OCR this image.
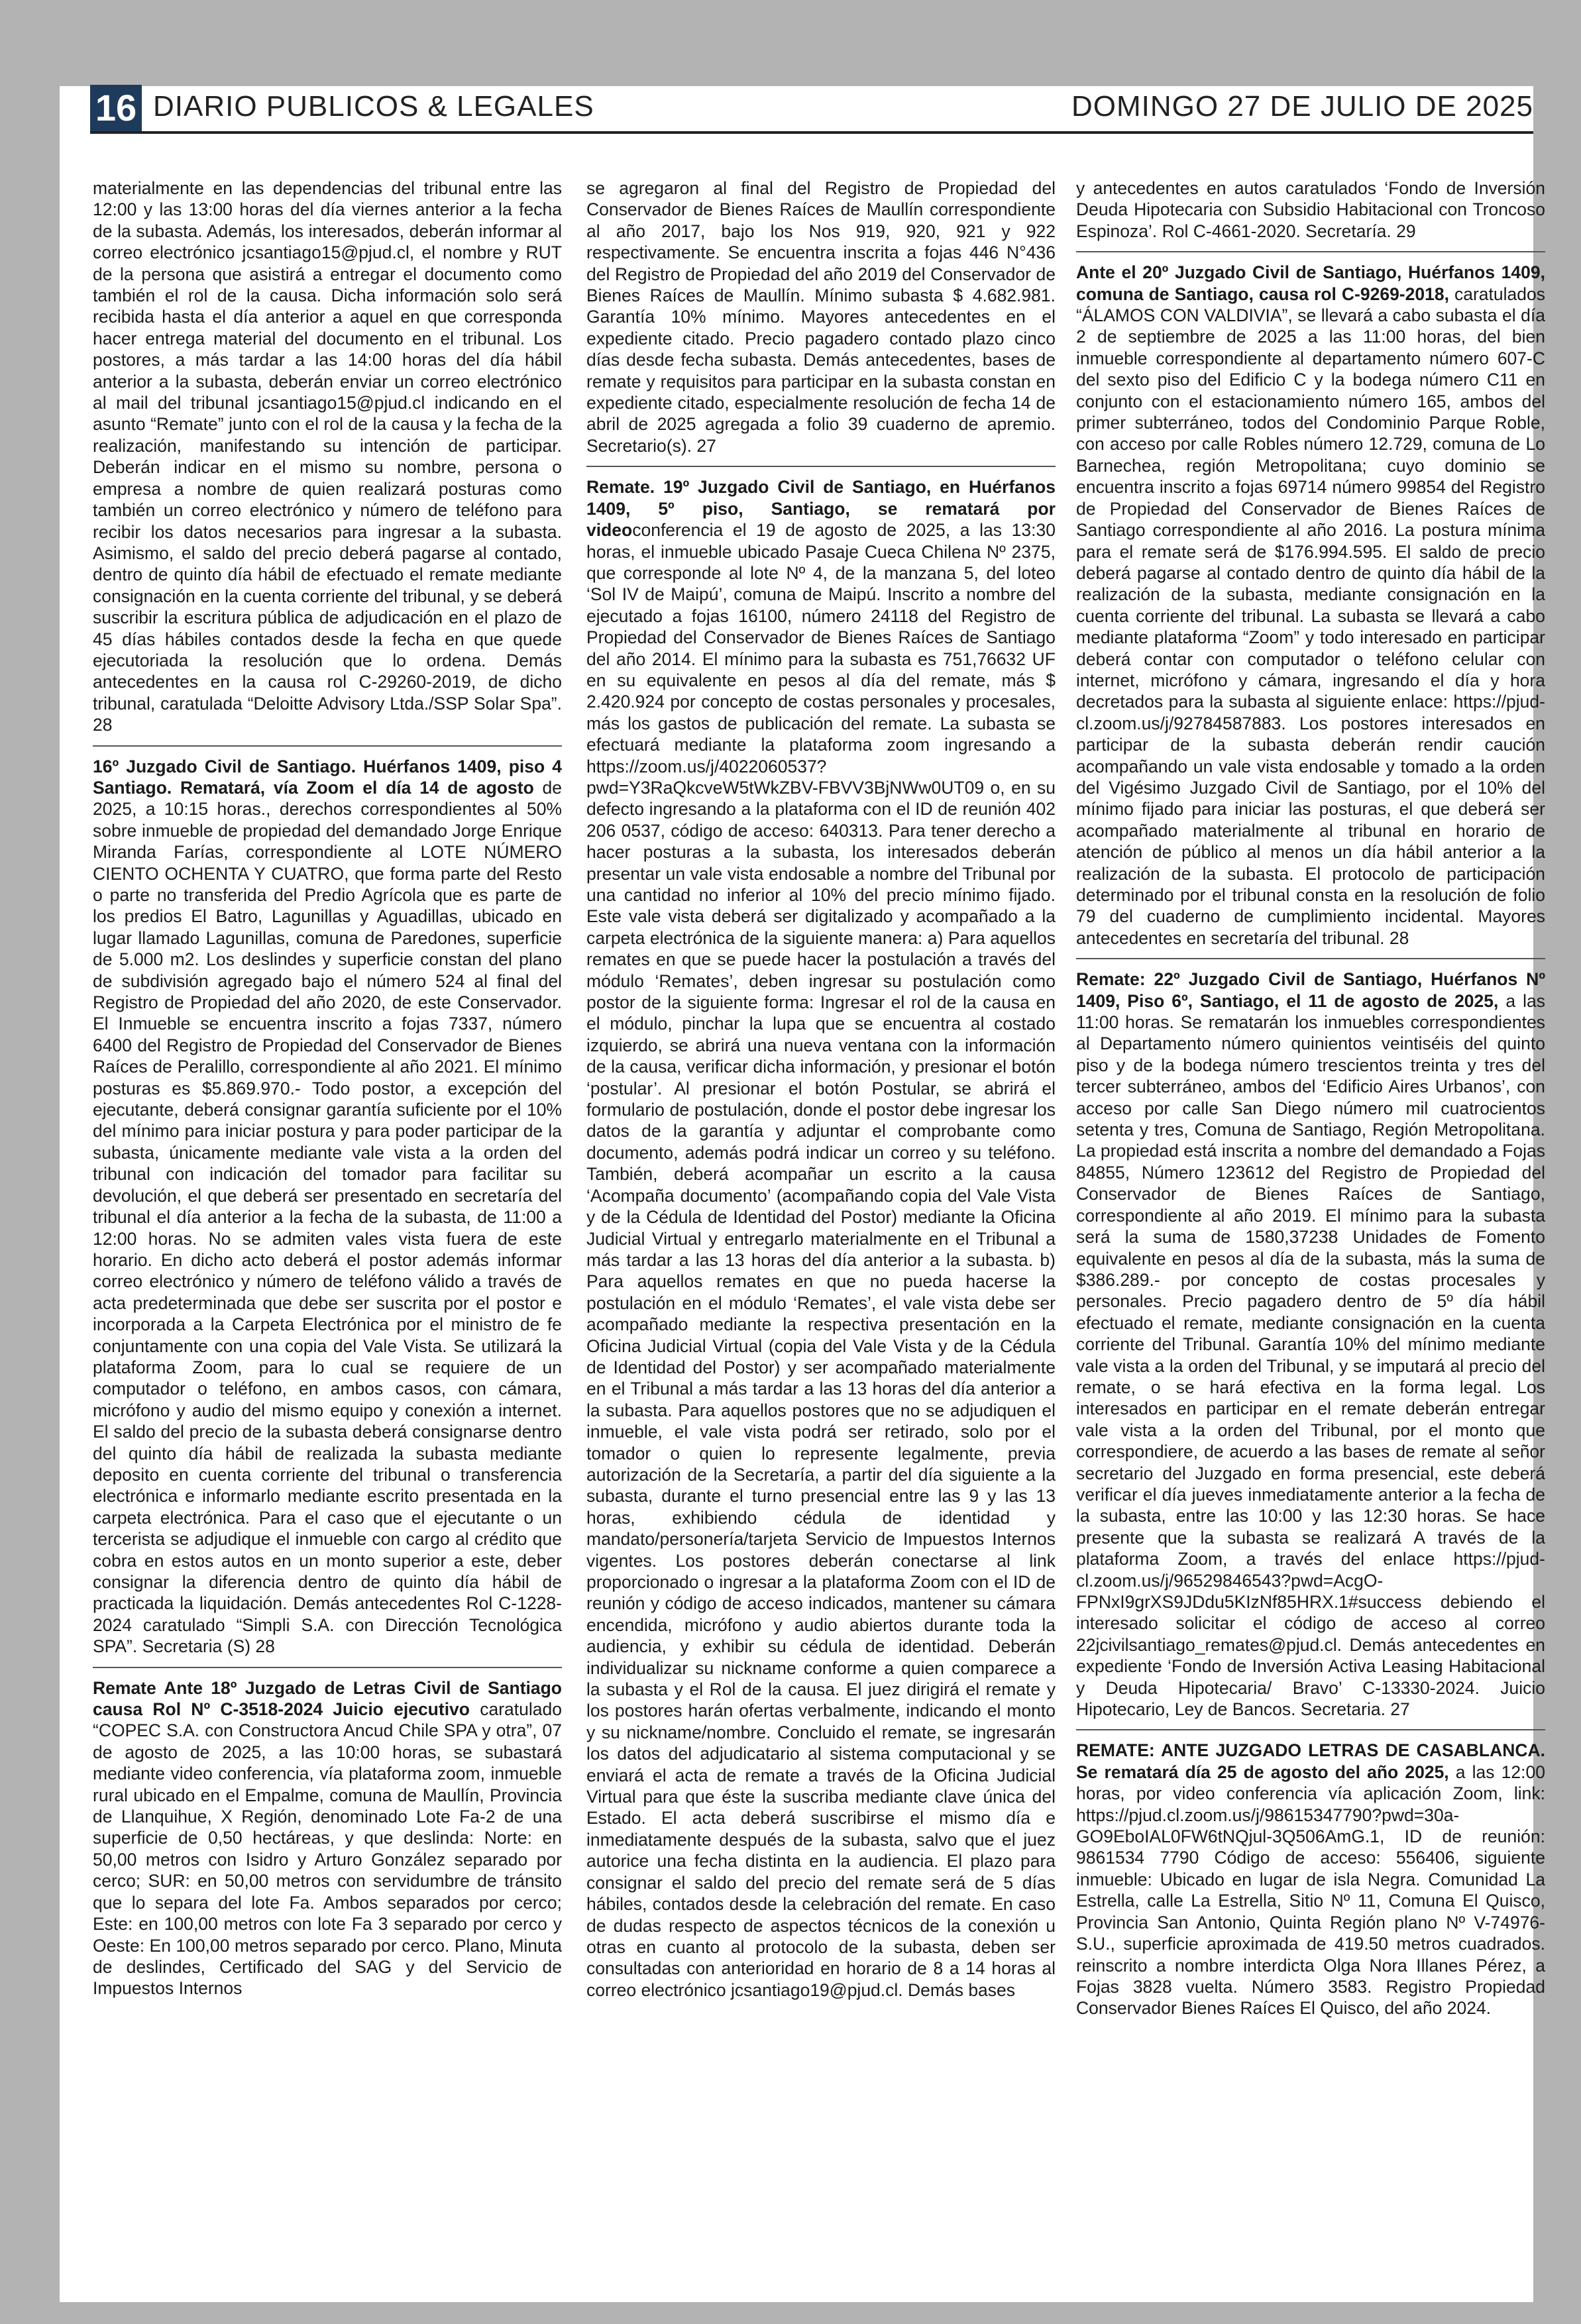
16 DIARIO PUBLICOS & LEGALES	DOMINGO 27 DE JULIO DE 2025

materialmente en las dependencias del tribunal entre las 12:00 y las 13:00 horas del día viernes anterior a la fecha de la subasta. Además, los interesados, deberán informar al correo electrónico jcsantiago15@pjud.cl, el nombre y RUT de la persona que asistirá a entregar el documento como también el rol de la causa. Dicha información solo será recibida hasta el día anterior a aquel en que corresponda hacer entrega material del documento en el tribunal. Los postores, a más tardar a las 14:00 horas del día hábil anterior a la subasta, deberán enviar un correo electrónico al mail del tribunal jcsantiago15@pjud.cl indicando en el asunto “Remate” junto con el rol de la causa y la fecha de la realización, manifestando su intención de participar. Deberán indicar en el mismo su nombre, persona o empresa a nombre de quien realizará posturas como también un correo electrónico y número de teléfono para recibir los datos necesarios para ingresar a la subasta. Asimismo, el saldo del precio deberá pagarse al contado, dentro de quinto día hábil de efectuado el remate mediante consignación en la cuenta corriente del tribunal, y se deberá suscribir la escritura pública de adjudicación en el plazo de 45 días hábiles contados desde la fecha en que quede ejecutoriada la resolución que lo ordena. Demás antecedentes en la causa rol C-29260-2019, de dicho tribunal, caratulada “Deloitte Advisory Ltda./SSP Solar Spa”. 28

16º Juzgado Civil de Santiago. Huérfanos 1409, piso 4 Santiago. Rematará, vía Zoom el día 14 de agosto de 2025, a 10:15 horas., derechos correspondientes al 50% sobre inmueble de propiedad del demandado Jorge Enrique Miranda Farías, correspondiente al LOTE NÚMERO CIENTO OCHENTA Y CUATRO, que forma parte del Resto o parte no transferida del Predio Agrícola que es parte de los predios El Batro, Lagunillas y Aguadillas, ubicado en lugar llamado Lagunillas, comuna de Paredones, superficie de 5.000 m2. Los deslindes y superficie constan del plano de subdivisión agregado bajo el número 524 al final del Registro de Propiedad del año 2020, de este Conservador. El Inmueble se encuentra inscrito a fojas 7337, número 6400 del Registro de Propiedad del Conservador de Bienes Raíces de Peralillo, correspondiente al año 2021. El mínimo posturas es $5.869.970.- Todo postor, a excepción del ejecutante, deberá consignar garantía suficiente por el 10% del mínimo para iniciar postura y para poder participar de la subasta, únicamente mediante vale vista a la orden del tribunal con indicación del tomador para facilitar su devolución, el que deberá ser presentado en secretaría del tribunal el día anterior a la fecha de la subasta, de 11:00 a 12:00 horas. No se admiten vales vista fuera de este horario. En dicho acto deberá el postor además informar correo electrónico y número de teléfono válido a través de acta predeterminada que debe ser suscrita por el postor e incorporada a la Carpeta Electrónica por el ministro de fe conjuntamente con una copia del Vale Vista. Se utilizará la plataforma Zoom, para lo cual se requiere de un computador o teléfono, en ambos casos, con cámara, micrófono y audio del mismo equipo y conexión a internet. El saldo del precio de la subasta deberá consignarse dentro del quinto día hábil de realizada la subasta mediante deposito en cuenta corriente del tribunal o transferencia electrónica e informarlo mediante escrito presentada en la carpeta electrónica. Para el caso que el ejecutante o un tercerista se adjudique el inmueble con cargo al crédito que cobra en estos autos en un monto superior a este, deber consignar la diferencia dentro de quinto día hábil de practicada la liquidación. Demás antecedentes Rol C-1228-2024 caratulado “Simpli S.A. con Dirección Tecnológica SPA”. Secretaria (S) 28

Remate Ante 18º Juzgado de Letras Civil de Santiago causa Rol Nº C-3518-2024 Juicio ejecutivo caratulado “COPEC S.A. con Constructora Ancud Chile SPA y otra”, 07 de agosto de 2025, a las 10:00 horas, se subastará mediante video conferencia, vía plataforma zoom, inmueble rural ubicado en el Empalme, comuna de Maullín, Provincia de Llanquihue, X Región, denominado Lote Fa-2 de una superficie de 0,50 hectáreas, y que deslinda: Norte: en 50,00 metros con Isidro y Arturo González separado por cerco; SUR: en 50,00 metros con servidumbre de tránsito que lo separa del lote Fa. Ambos separados por cerco; Este: en 100,00 metros con lote Fa 3 separado por cerco y Oeste: En 100,00 metros separado por cerco. Plano, Minuta de deslindes, Certificado del SAG y del Servicio de Impuestos Internos

se agregaron al final del Registro de Propiedad del Conservador de Bienes Raíces de Maullín correspondiente al año 2017, bajo los Nos 919, 920, 921 y 922 respectivamente. Se encuentra inscrita a fojas 446 N°436 del Registro de Propiedad del año 2019 del Conservador de Bienes Raíces de Maullín. Mínimo subasta $ 4.682.981. Garantía 10% mínimo. Mayores antecedentes en el expediente citado. Precio pagadero contado plazo cinco días desde fecha subasta. Demás antecedentes, bases de remate y requisitos para participar en la subasta constan en expediente citado, especialmente resolución de fecha 14 de abril de 2025 agregada a folio 39 cuaderno de apremio. Secretario(s). 27

Remate. 19º Juzgado Civil de Santiago, en Huérfanos 1409, 5º piso, Santiago, se rematará por videoconferencia el 19 de agosto de 2025, a las 13:30 horas, el inmueble ubicado Pasaje Cueca Chilena Nº 2375, que corresponde al lote Nº 4, de la manzana 5, del loteo ‘Sol IV de Maipú’, comuna de Maipú. Inscrito a nombre del ejecutado a fojas 16100, número 24118 del Registro de Propiedad del Conservador de Bienes Raíces de Santiago del año 2014. El mínimo para la subasta es 751,76632 UF en su equivalente en pesos al día del remate, más $ 2.420.924 por concepto de costas personales y procesales, más los gastos de publicación del remate. La subasta se efectuará mediante la plataforma zoom ingresando a https://zoom.us/j/4022060537?pwd=Y3RaQkcveW5tWkZBV-FBVV3BjNWw0UT09 o, en su defecto ingresando a la plataforma con el ID de reunión 402 206 0537, código de acceso: 640313. Para tener derecho a hacer posturas a la subasta, los interesados deberán presentar un vale vista endosable a nombre del Tribunal por una cantidad no inferior al 10% del precio mínimo fijado. Este vale vista deberá ser digitalizado y acompañado a la carpeta electrónica de la siguiente manera: a) Para aquellos remates en que se puede hacer la postulación a través del módulo ‘Remates’, deben ingresar su postulación como postor de la siguiente forma: Ingresar el rol de la causa en el módulo, pinchar la lupa que se encuentra al costado izquierdo, se abrirá una nueva ventana con la información de la causa, verificar dicha información, y presionar el botón ‘postular’. Al presionar el botón Postular, se abrirá el formulario de postulación, donde el postor debe ingresar los datos de la garantía y adjuntar el comprobante como documento, además podrá indicar un correo y su teléfono. También, deberá acompañar un escrito a la causa ‘Acompaña documento’ (acompañando copia del Vale Vista y de la Cédula de Identidad del Postor) mediante la Oficina Judicial Virtual y entregarlo materialmente en el Tribunal a más tardar a las 13 horas del día anterior a la subasta. b) Para aquellos remates en que no pueda hacerse la postulación en el módulo ‘Remates’, el vale vista debe ser acompañado mediante la respectiva presentación en la Oficina Judicial Virtual (copia del Vale Vista y de la Cédula de Identidad del Postor) y ser acompañado materialmente en el Tribunal a más tardar a las 13 horas del día anterior a la subasta. Para aquellos postores que no se adjudiquen el inmueble, el vale vista podrá ser retirado, solo por el tomador o quien lo represente legalmente, previa autorización de la Secretaría, a partir del día siguiente a la subasta, durante el turno presencial entre las 9 y las 13 horas, exhibiendo cédula de identidad y mandato/personería/tarjeta Servicio de Impuestos Internos vigentes. Los postores deberán conectarse al link proporcionado o ingresar a la plataforma Zoom con el ID de reunión y código de acceso indicados, mantener su cámara encendida, micrófono y audio abiertos durante toda la audiencia, y exhibir su cédula de identidad. Deberán individualizar su nickname conforme a quien comparece a la subasta y el Rol de la causa. El juez dirigirá el remate y los postores harán ofertas verbalmente, indicando el monto y su nickname/nombre. Concluido el remate, se ingresarán los datos del adjudicatario al sistema computacional y se enviará el acta de remate a través de la Oficina Judicial Virtual para que éste la suscriba mediante clave única del Estado. El acta deberá suscribirse el mismo día e inmediatamente después de la subasta, salvo que el juez autorice una fecha distinta en la audiencia. El plazo para consignar el saldo del precio del remate será de 5 días hábiles, contados desde la celebración del remate. En caso de dudas respecto de aspectos técnicos de la conexión u otras en cuanto al protocolo de la subasta, deben ser consultadas con anterioridad en horario de 8 a 14 horas al correo electrónico jcsantiago19@pjud.cl. Demás bases

y antecedentes en autos caratulados ‘Fondo de Inversión Deuda Hipotecaria con Subsidio Habitacional con Troncoso Espinoza’. Rol C-4661-2020. Secretaría. 29

Ante el 20º Juzgado Civil de Santiago, Huérfanos 1409, comuna de Santiago, causa rol C-9269-2018, caratulados “ÁLAMOS CON VALDIVIA”, se llevará a cabo subasta el día 2 de septiembre de 2025 a las 11:00 horas, del bien inmueble correspondiente al departamento número 607-C del sexto piso del Edificio C y la bodega número C11 en conjunto con el estacionamiento número 165, ambos del primer subterráneo, todos del Condominio Parque Roble, con acceso por calle Robles número 12.729, comuna de Lo Barnechea, región Metropolitana; cuyo dominio se encuentra inscrito a fojas 69714 número 99854 del Registro de Propiedad del Conservador de Bienes Raíces de Santiago correspondiente al año 2016. La postura mínima para el remate será de $176.994.595. El saldo de precio deberá pagarse al contado dentro de quinto día hábil de la realización de la subasta, mediante consignación en la cuenta corriente del tribunal. La subasta se llevará a cabo mediante plataforma “Zoom” y todo interesado en participar deberá contar con computador o teléfono celular con internet, micrófono y cámara, ingresando el día y hora decretados para la subasta al siguiente enlace: https://pjud-cl.zoom.us/j/92784587883. Los postores interesados en participar de la subasta deberán rendir caución acompañando un vale vista endosable y tomado a la orden del Vigésimo Juzgado Civil de Santiago, por el 10% del mínimo fijado para iniciar las posturas, el que deberá ser acompañado materialmente al tribunal en horario de atención de público al menos un día hábil anterior a la realización de la subasta. El protocolo de participación determinado por el tribunal consta en la resolución de folio 79 del cuaderno de cumplimiento incidental. Mayores antecedentes en secretaría del tribunal. 28

Remate: 22º Juzgado Civil de Santiago, Huérfanos Nº 1409, Piso 6º, Santiago, el 11 de agosto de 2025, a las 11:00 horas. Se rematarán los inmuebles correspondientes al Departamento número quinientos veintiséis del quinto piso y de la bodega número trescientos treinta y tres del tercer subterráneo, ambos del ‘Edificio Aires Urbanos’, con acceso por calle San Diego número mil cuatrocientos setenta y tres, Comuna de Santiago, Región Metropolitana. La propiedad está inscrita a nombre del demandado a Fojas 84855, Número 123612 del Registro de Propiedad del Conservador de Bienes Raíces de Santiago, correspondiente al año 2019. El mínimo para la subasta será la suma de 1580,37238 Unidades de Fomento equivalente en pesos al día de la subasta, más la suma de $386.289.- por concepto de costas procesales y personales. Precio pagadero dentro de 5º día hábil efectuado el remate, mediante consignación en la cuenta corriente del Tribunal. Garantía 10% del mínimo mediante vale vista a la orden del Tribunal, y se imputará al precio del remate, o se hará efectiva en la forma legal. Los interesados en participar en el remate deberán entregar vale vista a la orden del Tribunal, por el monto que correspondiere, de acuerdo a las bases de remate al señor secretario del Juzgado en forma presencial, este deberá verificar el día jueves inmediatamente anterior a la fecha de la subasta, entre las 10:00 y las 12:30 horas. Se hace presente que la subasta se realizará A través de la plataforma Zoom, a través del enlace https://pjud-cl.zoom.us/j/96529846543?pwd=AcgO-FPNxI9grXS9JDdu5KIzNf85HRX.1#success debiendo el interesado solicitar el código de acceso al correo 22jcivilsantiago_remates@pjud.cl. Demás antecedentes en expediente ‘Fondo de Inversión Activa Leasing Habitacional y Deuda Hipotecaria/ Bravo’ C-13330-2024. Juicio Hipotecario, Ley de Bancos. Secretaria. 27

REMATE: ANTE JUZGADO LETRAS DE CASABLANCA. Se rematará día 25 de agosto del año 2025, a las 12:00 horas, por video conferencia vía aplicación Zoom, link: https://pjud.cl.zoom.us/j/98615347790?pwd=30a-GO9EboIAL0FW6tNQjul-3Q506AmG.1, ID de reunión: 9861534 7790 Código de acceso: 556406, siguiente inmueble: Ubicado en lugar de isla Negra. Comunidad La Estrella, calle La Estrella, Sitio Nº 11, Comuna El Quisco, Provincia San Antonio, Quinta Región plano Nº V-74976-S.U., superficie aproximada de 419.50 metros cuadrados. reinscrito a nombre interdicta Olga Nora Illanes Pérez, a Fojas 3828 vuelta. Número 3583. Registro Propiedad Conservador Bienes Raíces El Quisco, del año 2024.
